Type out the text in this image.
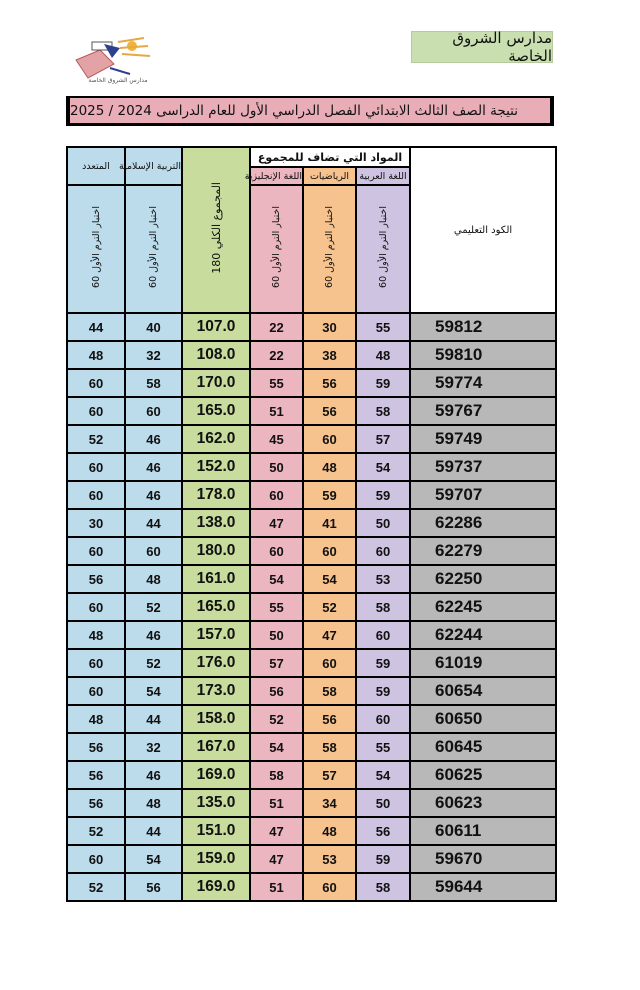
مدارس الشروق الخاصة
مدارس الشروق الخاصة
نتيجة الصف الثالث الابتدائي الفصل الدراسي الأول للعام الدراسى 2024 / 2025
المتعدد	التربية الإسلامية	المجموع الكلي 180	المواد التي تضاف للمجموع			الكود التعليمي
			اللغة الإنجليزية	الرياضيات	اللغة العربية	
اختبار الترم الأول 60	اختبار الترم الأول 60		اختبار الترم الأول 60	اختبار الترم الأول 60	اختبار الترم الأول 60	
44	40	107.0	22	30	55	59812
48	32	108.0	22	38	48	59810
60	58	170.0	55	56	59	59774
60	60	165.0	51	56	58	59767
52	46	162.0	45	60	57	59749
60	46	152.0	50	48	54	59737
60	46	178.0	60	59	59	59707
30	44	138.0	47	41	50	62286
60	60	180.0	60	60	60	62279
56	48	161.0	54	54	53	62250
60	52	165.0	55	52	58	62245
48	46	157.0	50	47	60	62244
60	52	176.0	57	60	59	61019
60	54	173.0	56	58	59	60654
48	44	158.0	52	56	60	60650
56	32	167.0	54	58	55	60645
56	46	169.0	58	57	54	60625
56	48	135.0	51	34	50	60623
52	44	151.0	47	48	56	60611
60	54	159.0	47	53	59	59670
52	56	169.0	51	60	58	59644
